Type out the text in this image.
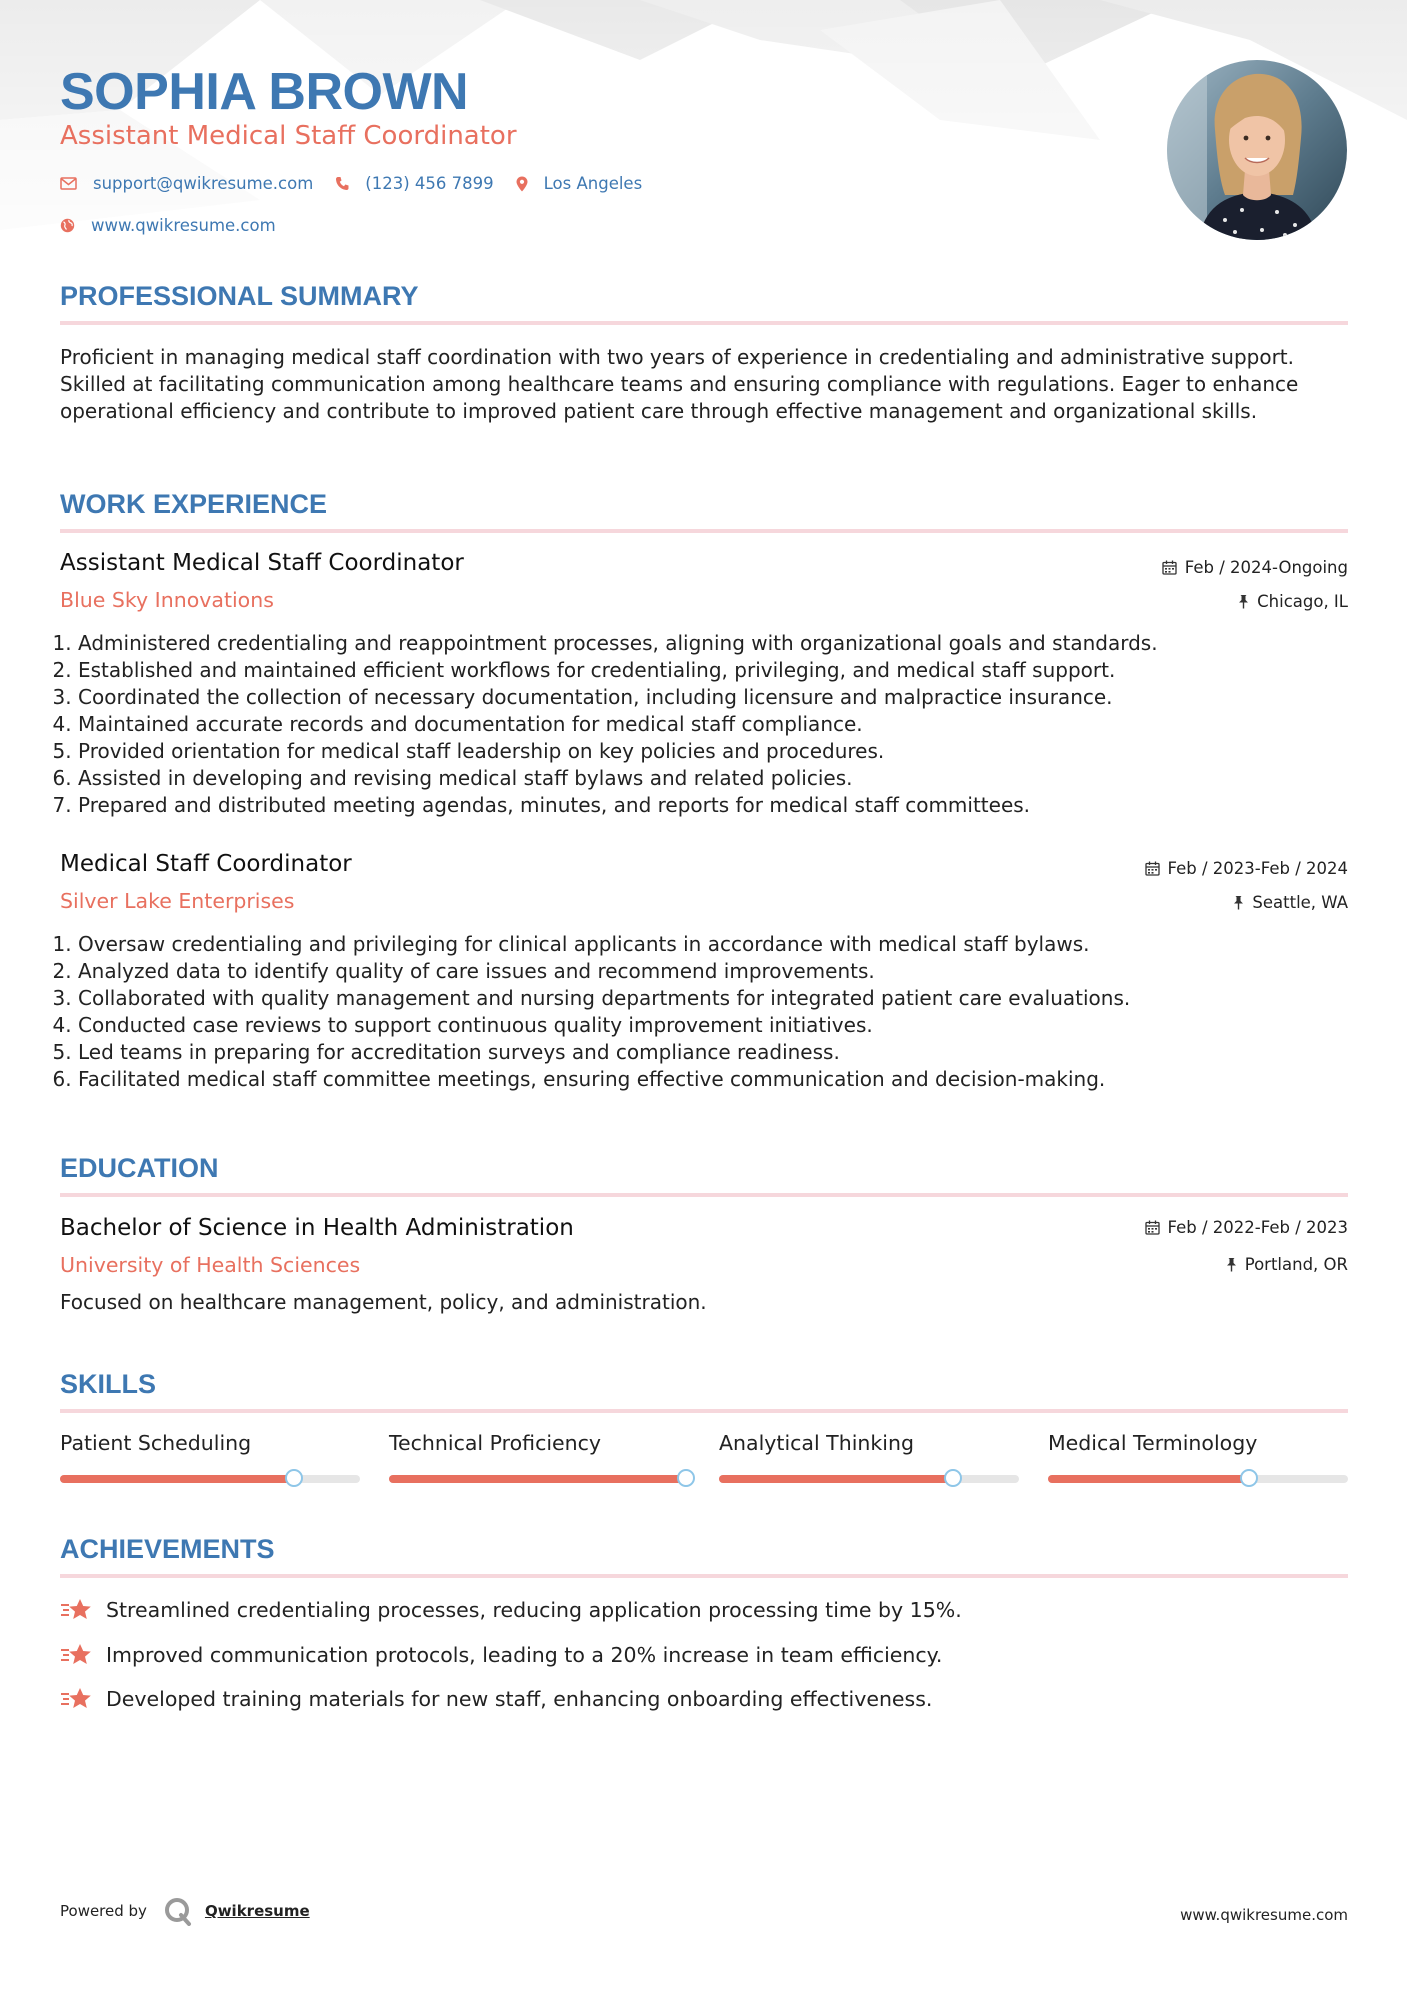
SOPHIA BROWN
Assistant Medical Staff Coordinator
support@qwikresume.com	(123) 456 7899	Los Angeles
www.qwikresume.com
PROFESSIONAL SUMMARY
Proficient in managing medical staff coordination with two years of experience in credentialing and administrative support. Skilled at facilitating communication among healthcare teams and ensuring compliance with regulations. Eager to enhance operational efficiency and contribute to improved patient care through effective management and organizational skills.
WORK EXPERIENCE
Assistant Medical Staff Coordinator
Blue Sky Innovations
Feb / 2024-Ongoing
Chicago, IL
1. Administered credentialing and reappointment processes, aligning with organizational goals and standards.
2. Established and maintained efficient workflows for credentialing, privileging, and medical staff support.
3. Coordinated the collection of necessary documentation, including licensure and malpractice insurance.
4. Maintained accurate records and documentation for medical staff compliance.
5. Provided orientation for medical staff leadership on key policies and procedures.
6. Assisted in developing and revising medical staff bylaws and related policies.
7. Prepared and distributed meeting agendas, minutes, and reports for medical staff committees.
Medical Staff Coordinator
Silver Lake Enterprises
Feb / 2023-Feb / 2024
Seattle, WA
1. Oversaw credentialing and privileging for clinical applicants in accordance with medical staff bylaws.
2. Analyzed data to identify quality of care issues and recommend improvements.
3. Collaborated with quality management and nursing departments for integrated patient care evaluations.
4. Conducted case reviews to support continuous quality improvement initiatives.
5. Led teams in preparing for accreditation surveys and compliance readiness.
6. Facilitated medical staff committee meetings, ensuring effective communication and decision-making.
EDUCATION
Bachelor of Science in Health Administration
University of Health Sciences
Feb / 2022-Feb / 2023
Portland, OR
Focused on healthcare management, policy, and administration.
SKILLS
Patient Scheduling	Technical Proficiency	Analytical Thinking	Medical Terminology
ACHIEVEMENTS
Streamlined credentialing processes, reducing application processing time by 15%.
Improved communication protocols, leading to a 20% increase in team efficiency.
Developed training materials for new staff, enhancing onboarding effectiveness.
Powered by	Qwikresume	www.qwikresume.com
